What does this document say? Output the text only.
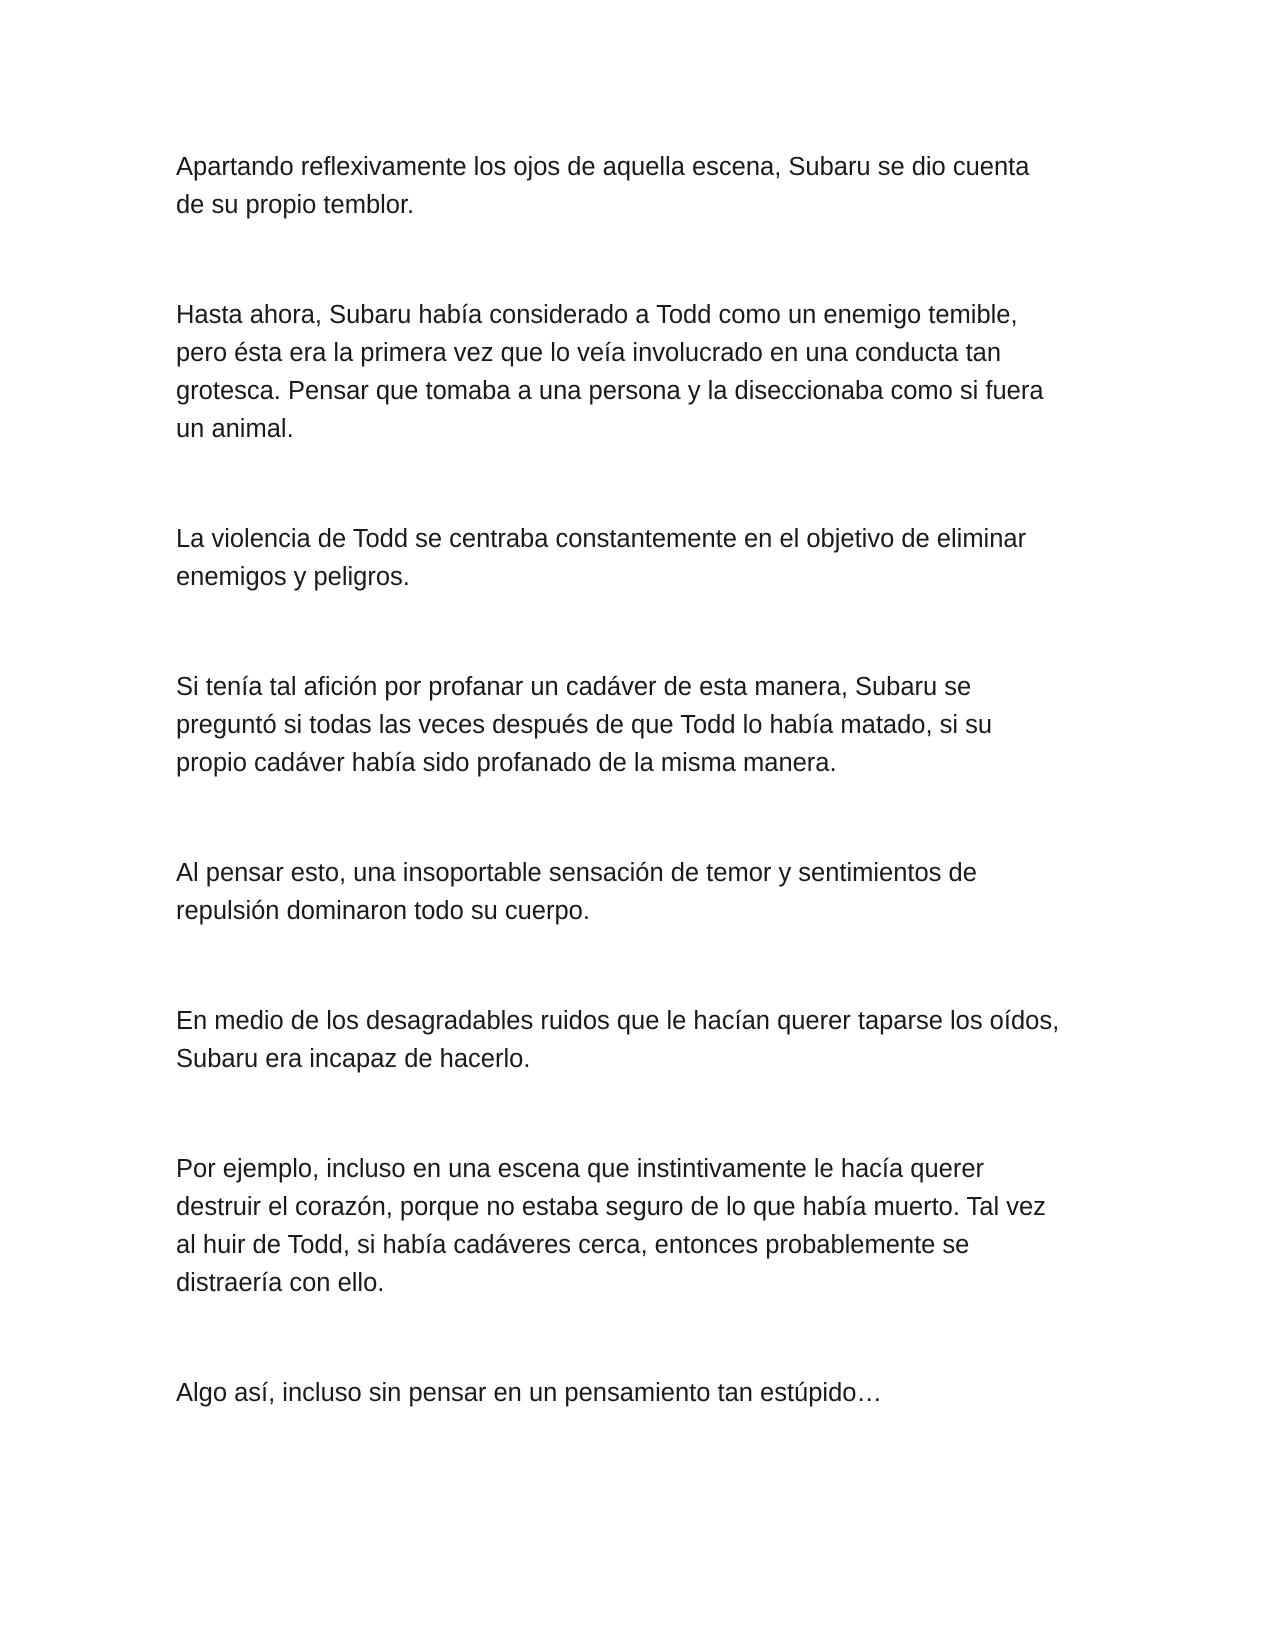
Apartando reflexivamente los ojos de aquella escena, Subaru se dio cuenta
de su propio temblor.

Hasta ahora, Subaru había considerado a Todd como un enemigo temible,
pero ésta era la primera vez que lo veía involucrado en una conducta tan
grotesca. Pensar que tomaba a una persona y la diseccionaba como si fuera
un animal.

La violencia de Todd se centraba constantemente en el objetivo de eliminar
enemigos y peligros.

Si tenía tal afición por profanar un cadáver de esta manera, Subaru se
preguntó si todas las veces después de que Todd lo había matado, si su
propio cadáver había sido profanado de la misma manera.

Al pensar esto, una insoportable sensación de temor y sentimientos de
repulsión dominaron todo su cuerpo.

En medio de los desagradables ruidos que le hacían querer taparse los oídos,
Subaru era incapaz de hacerlo.

Por ejemplo, incluso en una escena que instintivamente le hacía querer
destruir el corazón, porque no estaba seguro de lo que había muerto. Tal vez
al huir de Todd, si había cadáveres cerca, entonces probablemente se
distraería con ello.

Algo así, incluso sin pensar en un pensamiento tan estúpido…
